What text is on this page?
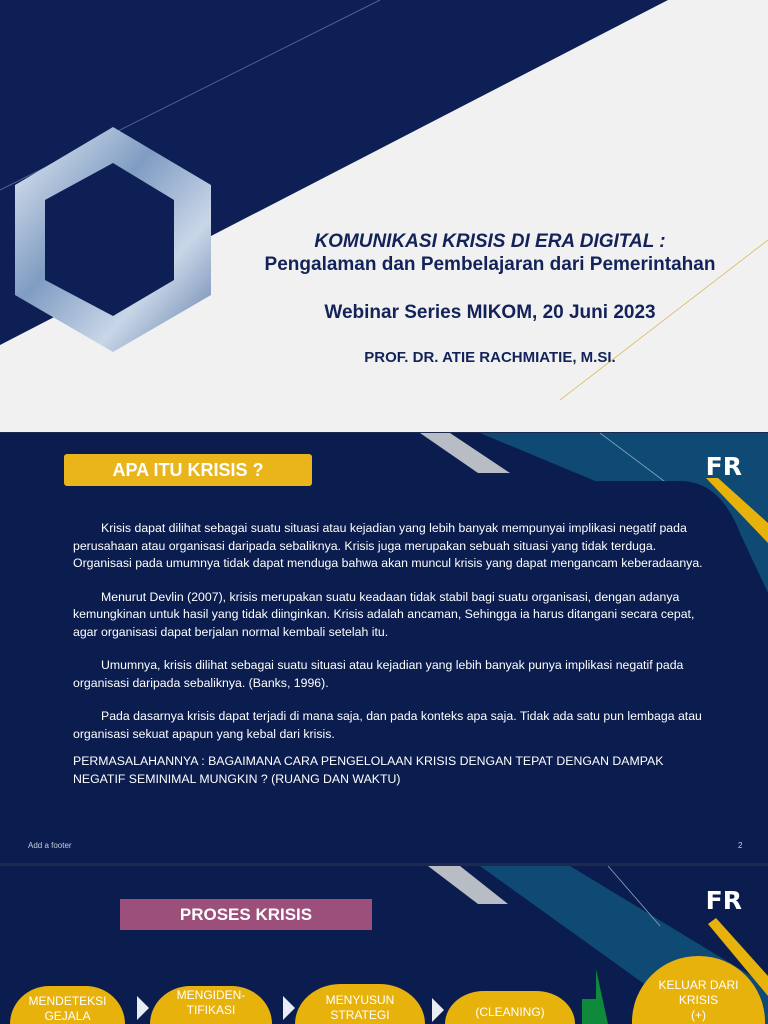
KOMUNIKASI KRISIS DI ERA DIGITAL :
Pengalaman dan Pembelajaran dari Pemerintahan
Webinar Series MIKOM, 20 Juni 2023
PROF. DR. ATIE RACHMIATIE, M.SI.
APA ITU KRISIS ?	FR

Krisis dapat dilihat sebagai suatu situasi atau kejadian yang lebih banyak mempunyai implikasi negatif pada perusahaan atau organisasi daripada sebaliknya. Krisis juga merupakan sebuah situasi yang tidak terduga. Organisasi pada umumnya tidak dapat menduga bahwa akan muncul krisis yang dapat mengancam keberadaanya.

Menurut Devlin (2007), krisis merupakan suatu keadaan tidak stabil bagi suatu organisasi, dengan adanya kemungkinan untuk hasil yang tidak diinginkan. Krisis adalah ancaman, Sehingga ia harus ditangani secara cepat, agar organisasi dapat berjalan normal kembali setelah itu.

Umumnya, krisis dilihat sebagai suatu situasi atau kejadian yang lebih banyak punya implikasi negatif pada organisasi daripada sebaliknya. (Banks, 1996).

Pada dasarnya krisis dapat terjadi di mana saja, dan pada konteks apa saja. Tidak ada satu pun lembaga atau organisasi sekuat apapun yang kebal dari krisis.

PERMASALAHANNYA : BAGAIMANA CARA PENGELOLAAN KRISIS DENGAN TEPAT DENGAN DAMPAK NEGATIF SEMINIMAL MUNGKIN ? (RUANG DAN WAKTU)

Add a footer	2
PROSES KRISIS	FR
MENDETEKSI
GEJALA
MENGIDEN-
TIFIKASI
MENYUSUN
STRATEGI	(CLEANING)
KELUAR DARI
KRISIS
(+)
